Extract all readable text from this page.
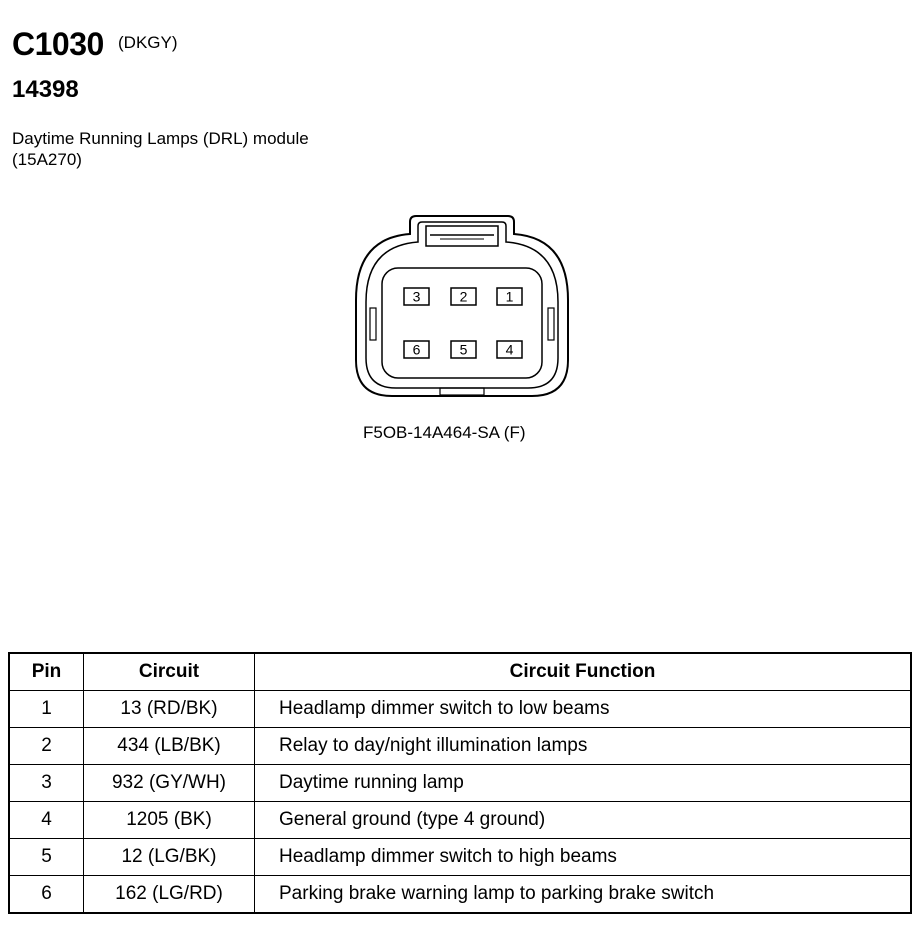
C1030 (DKGY)
14398
Daytime Running Lamps (DRL) module
(15A270)
3	2	1
6	5	4
F5OB-14A464-SA (F)
Pin	Circuit	Circuit Function
1	13 (RD/BK)	Headlamp dimmer switch to low beams
2	434 (LB/BK)	Relay to day/night illumination lamps
3	932 (GY/WH)	Daytime running lamp
4	1205 (BK)	General ground (type 4 ground)
5	12 (LG/BK)	Headlamp dimmer switch to high beams
6	162 (LG/RD)	Parking brake warning lamp to parking brake switch
